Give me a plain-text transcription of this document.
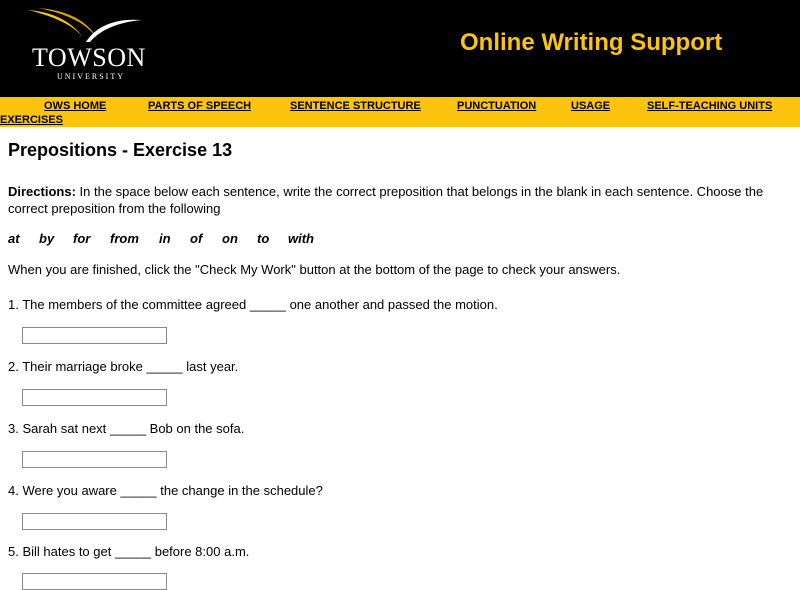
TOWSON
UNIVERSITY
Online Writing Support
OWS HOME	PARTS OF SPEECH	SENTENCE STRUCTURE	PUNCTUATION	USAGE	SELF-TEACHING UNITS
EXERCISES
Prepositions - Exercise 13

Directions: In the space below each sentence, write the correct preposition that belongs in the blank in each sentence. Choose the correct preposition from the following

at by for from in of on to with

When you are finished, click the "Check My Work" button at the bottom of the page to check your answers.

1. The members of the committee agreed _____ one another and passed the motion.
2. Their marriage broke _____ last year.
3. Sarah sat next _____ Bob on the sofa.
4. Were you aware _____ the change in the schedule?
5. Bill hates to get _____ before 8:00 a.m.
